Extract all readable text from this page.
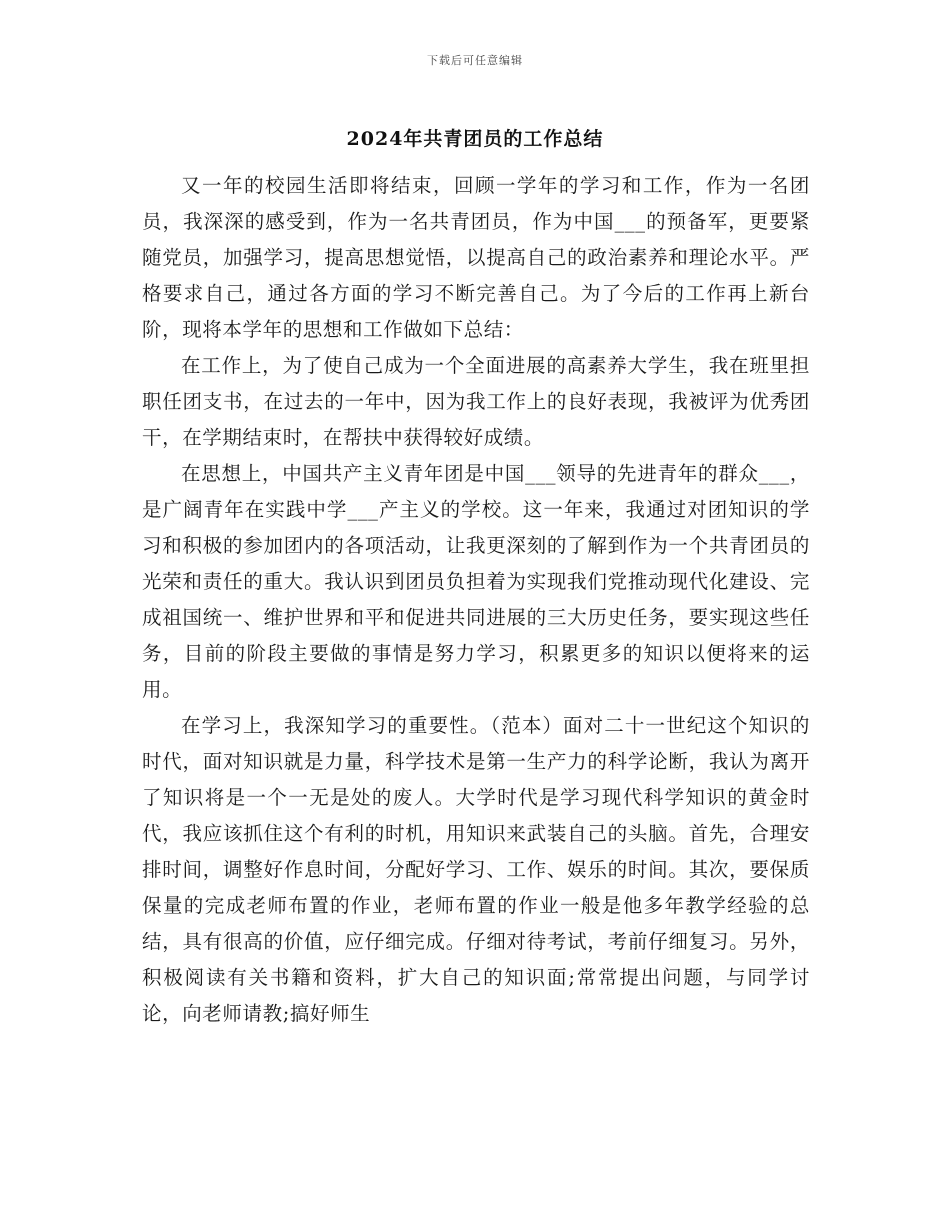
下载后可任意编辑
2024年共青团员的工作总结

又一年的校园生活即将结束，回顾一学年的学习和工作，作为一名团员，我深深的感受到，作为一名共青团员，作为中国___的预备军，更要紧随党员，加强学习，提高思想觉悟，以提高自己的政治素养和理论水平。严格要求自己，通过各方面的学习不断完善自己。为了今后的工作再上新台阶，现将本学年的思想和工作做如下总结：

在工作上，为了使自己成为一个全面进展的高素养大学生，我在班里担职任团支书，在过去的一年中，因为我工作上的良好表现，我被评为优秀团干，在学期结束时，在帮扶中获得较好成绩。

在思想上，中国共产主义青年团是中国___领导的先进青年的群众___，是广阔青年在实践中学___产主义的学校。这一年来，我通过对团知识的学习和积极的参加团内的各项活动，让我更深刻的了解到作为一个共青团员的光荣和责任的重大。我认识到团员负担着为实现我们党推动现代化建设、完成祖国统一、维护世界和平和促进共同进展的三大历史任务，要实现这些任务，目前的阶段主要做的事情是努力学习，积累更多的知识以便将来的运用。

在学习上，我深知学习的重要性。（范本）面对二十一世纪这个知识的时代，面对知识就是力量，科学技术是第一生产力的科学论断，我认为离开了知识将是一个一无是处的废人。大学时代是学习现代科学知识的黄金时代，我应该抓住这个有利的时机，用知识来武装自己的头脑。首先，合理安排时间，调整好作息时间，分配好学习、工作、娱乐的时间。其次，要保质保量的完成老师布置的作业，老师布置的作业一般是他多年教学经验的总结，具有很高的价值，应仔细完成。仔细对待考试，考前仔细复习。另外，积极阅读有关书籍和资料，扩大自己的知识面;常常提出问题，与同学讨论，向老师请教;搞好师生
